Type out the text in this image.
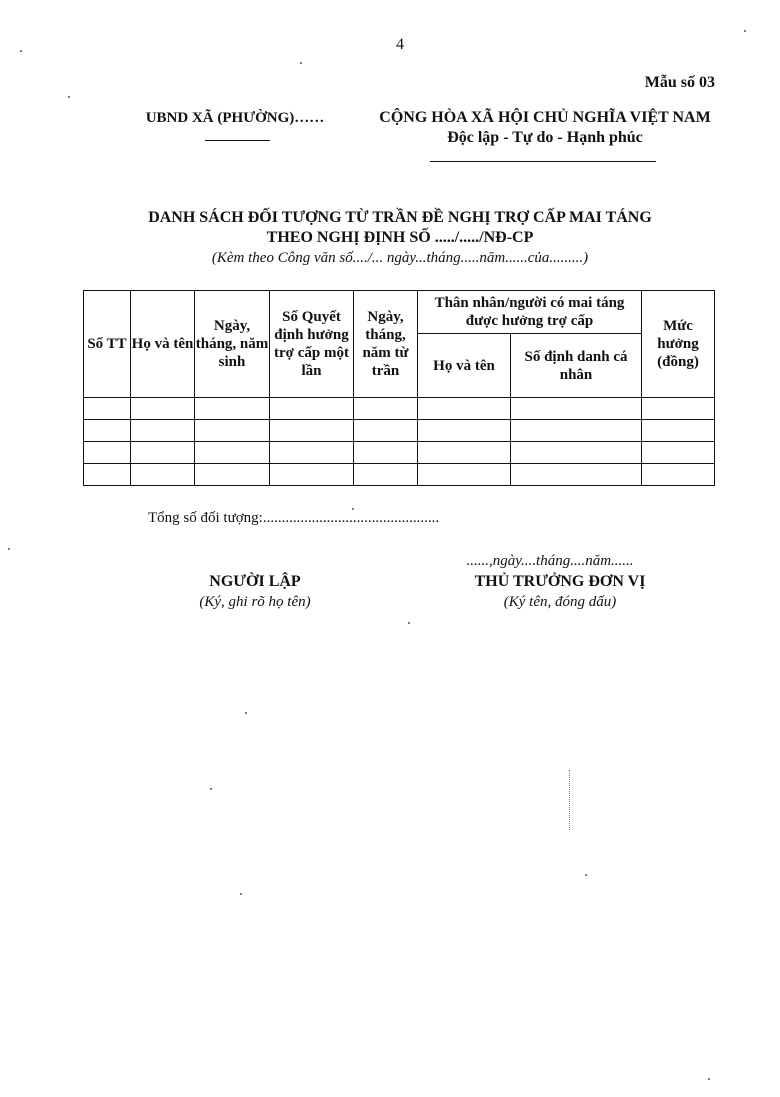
4
Mẫu số 03
UBND XÃ (PHƯỜNG)……	CỘNG HÒA XÃ HỘI CHỦ NGHĨA VIỆT NAM
Độc lập - Tự do - Hạnh phúc
DANH SÁCH ĐỐI TƯỢNG TỪ TRẦN ĐỀ NGHỊ TRỢ CẤP MAI TÁNG
THEO NGHỊ ĐỊNH SỐ ...../...../NĐ-CP
(Kèm theo Công văn số..../... ngày...tháng.....năm......của.........)
Số TT	Họ và tên	Ngày, tháng, năm sinh	Số Quyết định hưởng trợ cấp một lần	Ngày, tháng, năm từ trần	Thân nhân/người có mai táng được hưởng trợ cấp		Mức hưởng (đồng)
					Họ và tên	Số định danh cá nhân	

Tổng số đối tượng:...............................................
......,ngày....tháng....năm......
NGƯỜI LẬP
(Ký, ghi rõ họ tên)
THỦ TRƯỞNG ĐƠN VỊ
(Ký tên, đóng dấu)
